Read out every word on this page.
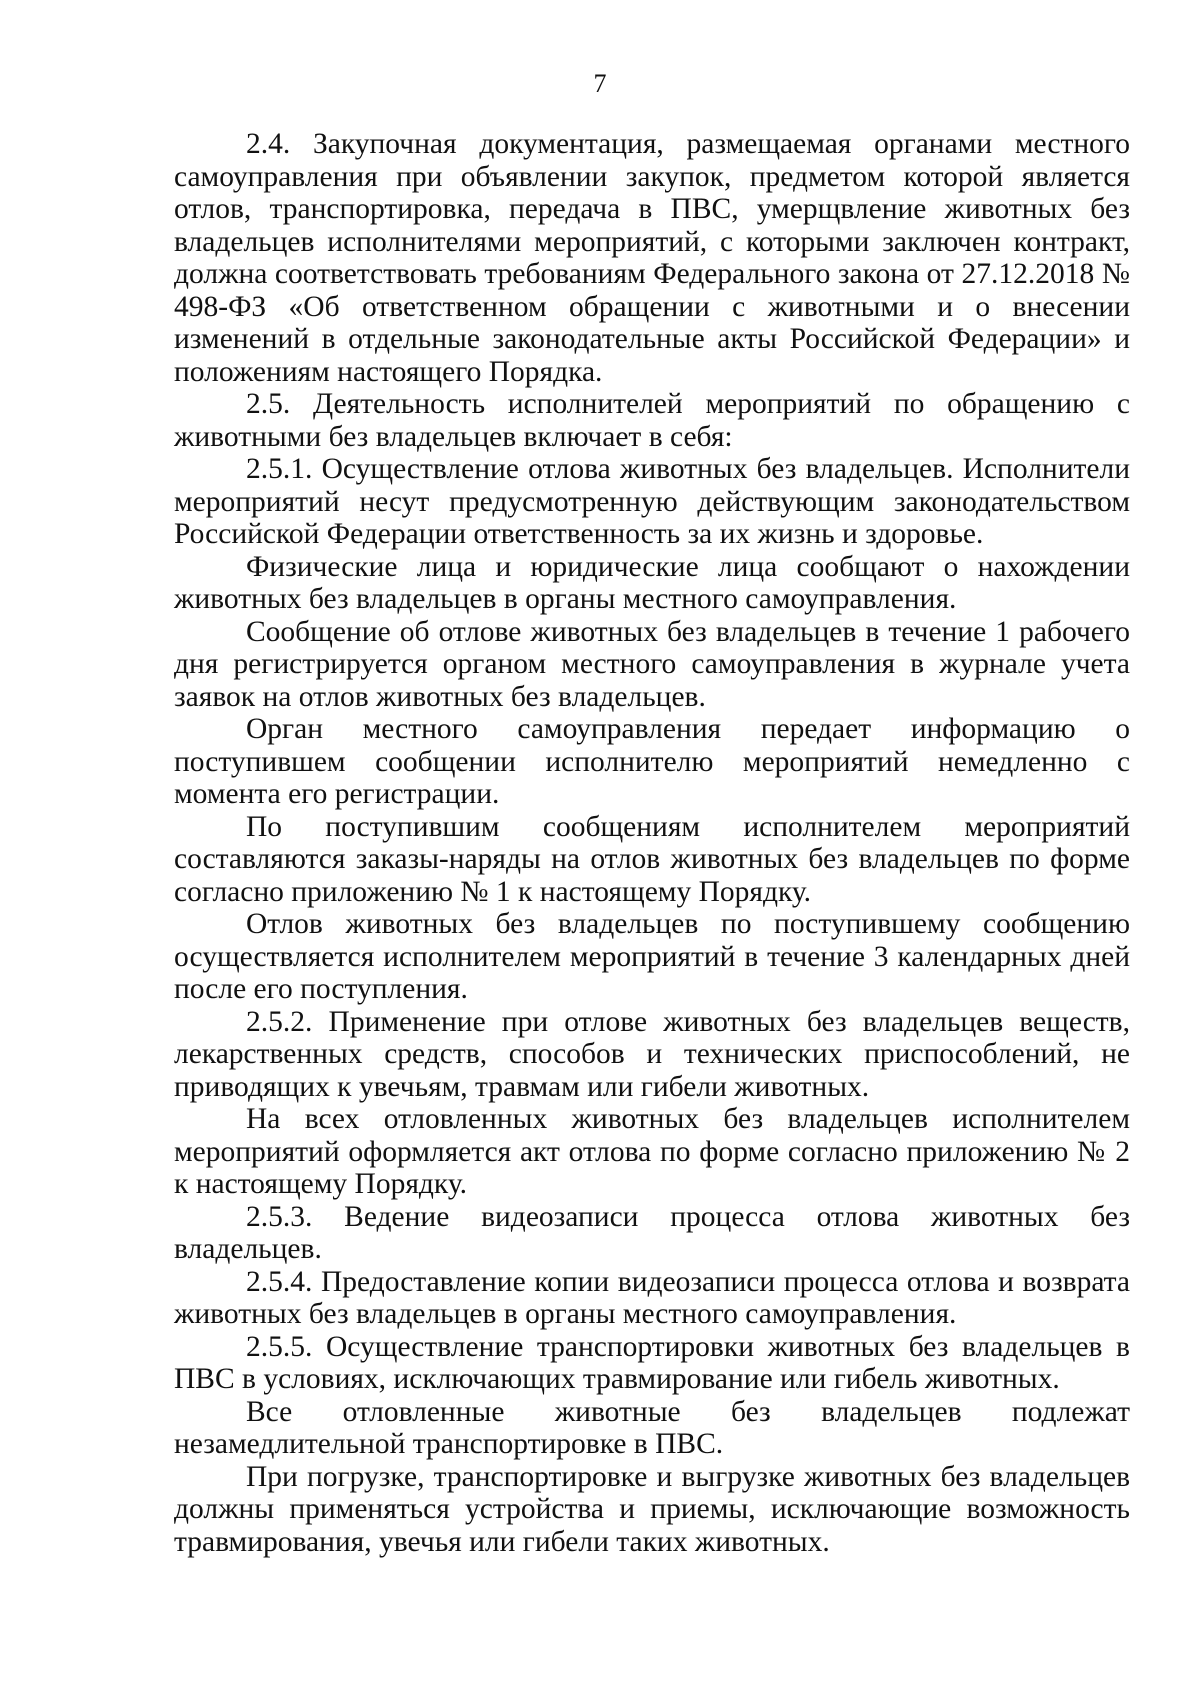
7

2.4. Закупочная документация, размещаемая органами местного самоуправления при объявлении закупок, предметом которой является отлов, транспортировка, передача в ПВС, умерщвление животных без владельцев исполнителями мероприятий, с которыми заключен контракт, должна соответствовать требованиям Федерального закона от 27.12.2018 № 498-ФЗ «Об ответственном обращении с животными и о внесении изменений в отдельные законодательные акты Российской Федерации» и положениям настоящего Порядка.

2.5. Деятельность исполнителей мероприятий по обращению с животными без владельцев включает в себя:

2.5.1. Осуществление отлова животных без владельцев. Исполнители мероприятий несут предусмотренную действующим законодательством Российской Федерации ответственность за их жизнь и здоровье.

Физические лица и юридические лица сообщают о нахождении животных без владельцев в органы местного самоуправления.

Сообщение об отлове животных без владельцев в течение 1 рабочего дня регистрируется органом местного самоуправления в журнале учета заявок на отлов животных без владельцев.

Орган местного самоуправления передает информацию о поступившем сообщении исполнителю мероприятий немедленно с момента его регистрации.

По поступившим сообщениям исполнителем мероприятий составляются заказы-наряды на отлов животных без владельцев по форме согласно приложению № 1 к настоящему Порядку.

Отлов животных без владельцев по поступившему сообщению осуществляется исполнителем мероприятий в течение 3 календарных дней после его поступления.

2.5.2. Применение при отлове животных без владельцев веществ, лекарственных средств, способов и технических приспособлений, не приводящих к увечьям, травмам или гибели животных.

На всех отловленных животных без владельцев исполнителем мероприятий оформляется акт отлова по форме согласно приложению № 2 к настоящему Порядку.

2.5.3. Ведение видеозаписи процесса отлова животных без владельцев.

2.5.4. Предоставление копии видеозаписи процесса отлова и возврата животных без владельцев в органы местного самоуправления.

2.5.5. Осуществление транспортировки животных без владельцев в ПВС в условиях, исключающих травмирование или гибель животных.

Все отловленные животные без владельцев подлежат незамедлительной транспортировке в ПВС.

При погрузке, транспортировке и выгрузке животных без владельцев должны применяться устройства и приемы, исключающие возможность травмирования, увечья или гибели таких животных.
